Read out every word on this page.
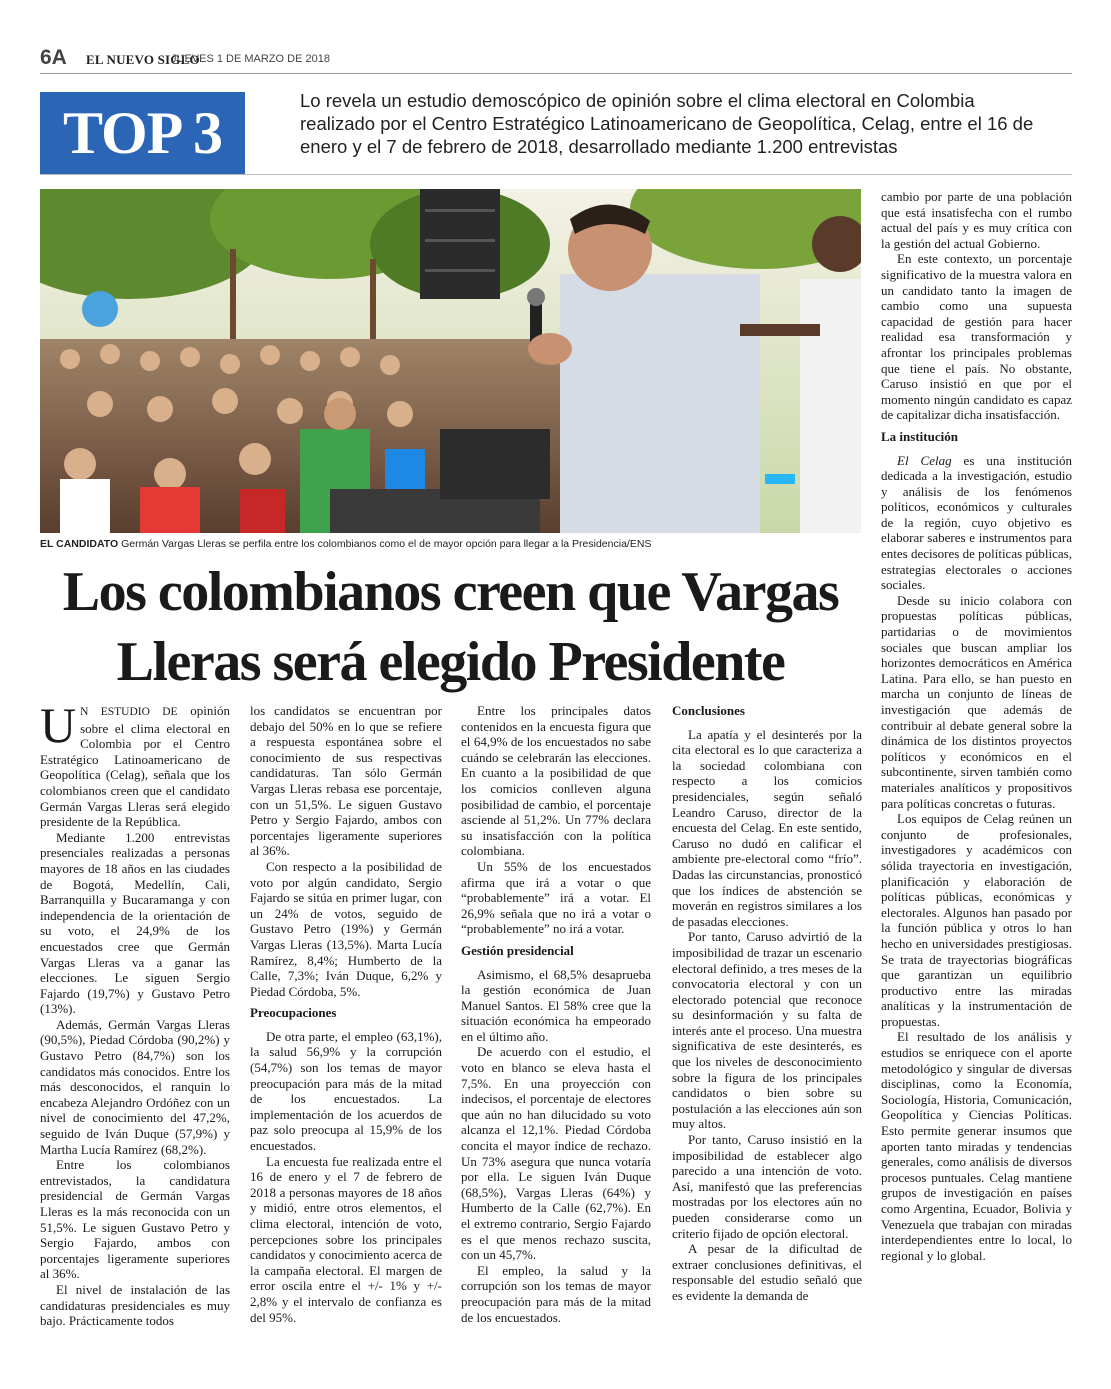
6A EL NUEVO SIGLO
JUEVES 1 DE MARZO DE 2018
TOP 3	Lo revela un estudio demoscópico de opinión sobre el clima electoral en Colombia realizado por el Centro Estratégico Latinoamericano de Geopolítica, Celag, entre el 16 de enero y el 7 de febrero de 2018, desarrollado mediante 1.200 entrevistas
EL CANDIDATO Germán Vargas Lleras se perfila entre los colombianos como el de mayor opción para llegar a la Presidencia/ENS
Los colombianos creen que Vargas
Lleras será elegido Presidente

U N ESTUDIO DE opinión sobre el clima electoral en Colombia por el Centro Estratégico Latinoamericano de Geopolítica (Celag), señala que los colombianos creen que el candidato Germán Vargas Lleras será elegido presidente de la República.

Mediante 1.200 entrevistas presenciales realizadas a personas mayores de 18 años en las ciudades de Bogotá, Medellín, Cali, Barranquilla y Bucaramanga y con independencia de la orientación de su voto, el 24,9% de los encuestados cree que Germán Vargas Lleras va a ganar las elecciones. Le siguen Sergio Fajardo (19,7%) y Gustavo Petro (13%).

Además, Germán Vargas Lleras (90,5%), Piedad Córdoba (90,2%) y Gustavo Petro (84,7%) son los candidatos más conocidos. Entre los más desconocidos, el ranquin lo encabeza Alejandro Ordóñez con un nivel de conocimiento del 47,2%, seguido de Iván Duque (57,9%) y Martha Lucía Ramírez (68,2%).

Entre los colombianos entrevistados, la candidatura presidencial de Germán Vargas Lleras es la más reconocida con un 51,5%. Le siguen Gustavo Petro y Sergio Fajardo, ambos con porcentajes ligeramente superiores al 36%.

El nivel de instalación de las candidaturas presidenciales es muy bajo. Prácticamente todos

los candidatos se encuentran por debajo del 50% en lo que se refiere a respuesta espontánea sobre el conocimiento de sus respectivas candidaturas. Tan sólo Germán Vargas Lleras rebasa ese porcentaje, con un 51,5%. Le siguen Gustavo Petro y Sergio Fajardo, ambos con porcentajes ligeramente superiores al 36%.

Con respecto a la posibilidad de voto por algún candidato, Sergio Fajardo se sitúa en primer lugar, con un 24% de votos, seguido de Gustavo Petro (19%) y Germán Vargas Lleras (13,5%). Marta Lucía Ramírez, 8,4%; Humberto de la Calle, 7,3%; Iván Duque, 6,2% y Piedad Córdoba, 5%.

Preocupaciones

De otra parte, el empleo (63,1%), la salud 56,9% y la corrupción (54,7%) son los temas de mayor preocupación para más de la mitad de los encuestados. La implementación de los acuerdos de paz solo preocupa al 15,9% de los encuestados.

La encuesta fue realizada entre el 16 de enero y el 7 de febrero de 2018 a personas mayores de 18 años y midió, entre otros elementos, el clima electoral, intención de voto, percepciones sobre los principales candidatos y conocimiento acerca de la campaña electoral. El margen de error oscila entre el +/- 1% y +/- 2,8% y el intervalo de confianza es del 95%.

Entre los principales datos contenidos en la encuesta figura que el 64,9% de los encuestados no sabe cuándo se celebrarán las elecciones. En cuanto a la posibilidad de que los comicios conlleven alguna posibilidad de cambio, el porcentaje asciende al 51,2%. Un 77% declara su insatisfacción con la política colombiana.

Un 55% de los encuestados afirma que irá a votar o que “probablemente” irá a votar. El 26,9% señala que no irá a votar o “probablemente” no irá a votar.

Gestión presidencial

Asimismo, el 68,5% desaprueba la gestión económica de Juan Manuel Santos. El 58% cree que la situación económica ha empeorado en el último año.

De acuerdo con el estudio, el voto en blanco se eleva hasta el 7,5%. En una proyección con indecisos, el porcentaje de electores que aún no han dilucidado su voto alcanza el 12,1%. Piedad Córdoba concita el mayor índice de rechazo. Un 73% asegura que nunca votaría por ella. Le siguen Iván Duque (68,5%), Vargas Lleras (64%) y Humberto de la Calle (62,7%). En el extremo contrario, Sergio Fajardo es el que menos rechazo suscita, con un 45,7%.

El empleo, la salud y la corrupción son los temas de mayor preocupación para más de la mitad de los encuestados.

Conclusiones

La apatía y el desinterés por la cita electoral es lo que caracteriza a la sociedad colombiana con respecto a los comicios presidenciales, según señaló Leandro Caruso, director de la encuesta del Celag. En este sentido, Caruso no dudó en calificar el ambiente pre-electoral como “frío”. Dadas las circunstancias, pronosticó que los índices de abstención se moverán en registros similares a los de pasadas elecciones.

Por tanto, Caruso advirtió de la imposibilidad de trazar un escenario electoral definido, a tres meses de la convocatoria electoral y con un electorado potencial que reconoce su desinformación y su falta de interés ante el proceso. Una muestra significativa de este desinterés, es que los niveles de desconocimiento sobre la figura de los principales candidatos o bien sobre su postulación a las elecciones aún son muy altos.

Por tanto, Caruso insistió en la imposibilidad de establecer algo parecido a una intención de voto. Así, manifestó que las preferencias mostradas por los electores aún no pueden considerarse como un criterio fijado de opción electoral.

A pesar de la dificultad de extraer conclusiones definitivas, el responsable del estudio señaló que es evidente la demanda de

cambio por parte de una población que está insatisfecha con el rumbo actual del país y es muy crítica con la gestión del actual Gobierno.

En este contexto, un porcentaje significativo de la muestra valora en un candidato tanto la imagen de cambio como una supuesta capacidad de gestión para hacer realidad esa transformación y afrontar los principales problemas que tiene el país. No obstante, Caruso insistió en que por el momento ningún candidato es capaz de capitalizar dicha insatisfacción.

La institución

El Celag es una institución dedicada a la investigación, estudio y análisis de los fenómenos políticos, económicos y culturales de la región, cuyo objetivo es elaborar saberes e instrumentos para entes decisores de políticas públicas, estrategias electorales o acciones sociales.

Desde su inicio colabora con propuestas políticas públicas, partidarias o de movimientos sociales que buscan ampliar los horizontes democráticos en América Latina. Para ello, se han puesto en marcha un conjunto de líneas de investigación que además de contribuir al debate general sobre la dinámica de los distintos proyectos políticos y económicos en el subcontinente, sirven también como materiales analíticos y propositivos para políticas concretas o futuras.

Los equipos de Celag reúnen un conjunto de profesionales, investigadores y académicos con sólida trayectoria en investigación, planificación y elaboración de políticas públicas, económicas y electorales. Algunos han pasado por la función pública y otros lo han hecho en universidades prestigiosas. Se trata de trayectorias biográficas que garantizan un equilibrio productivo entre las miradas analíticas y la instrumentación de propuestas.

El resultado de los análisis y estudios se enriquece con el aporte metodológico y singular de diversas disciplinas, como la Economía, Sociología, Historia, Comunicación, Geopolítica y Ciencias Políticas. Esto permite generar insumos que aporten tanto miradas y tendencias generales, como análisis de diversos procesos puntuales. Celag mantiene grupos de investigación en países como Argentina, Ecuador, Bolivia y Venezuela que trabajan con miradas interdependientes entre lo local, lo regional y lo global.
